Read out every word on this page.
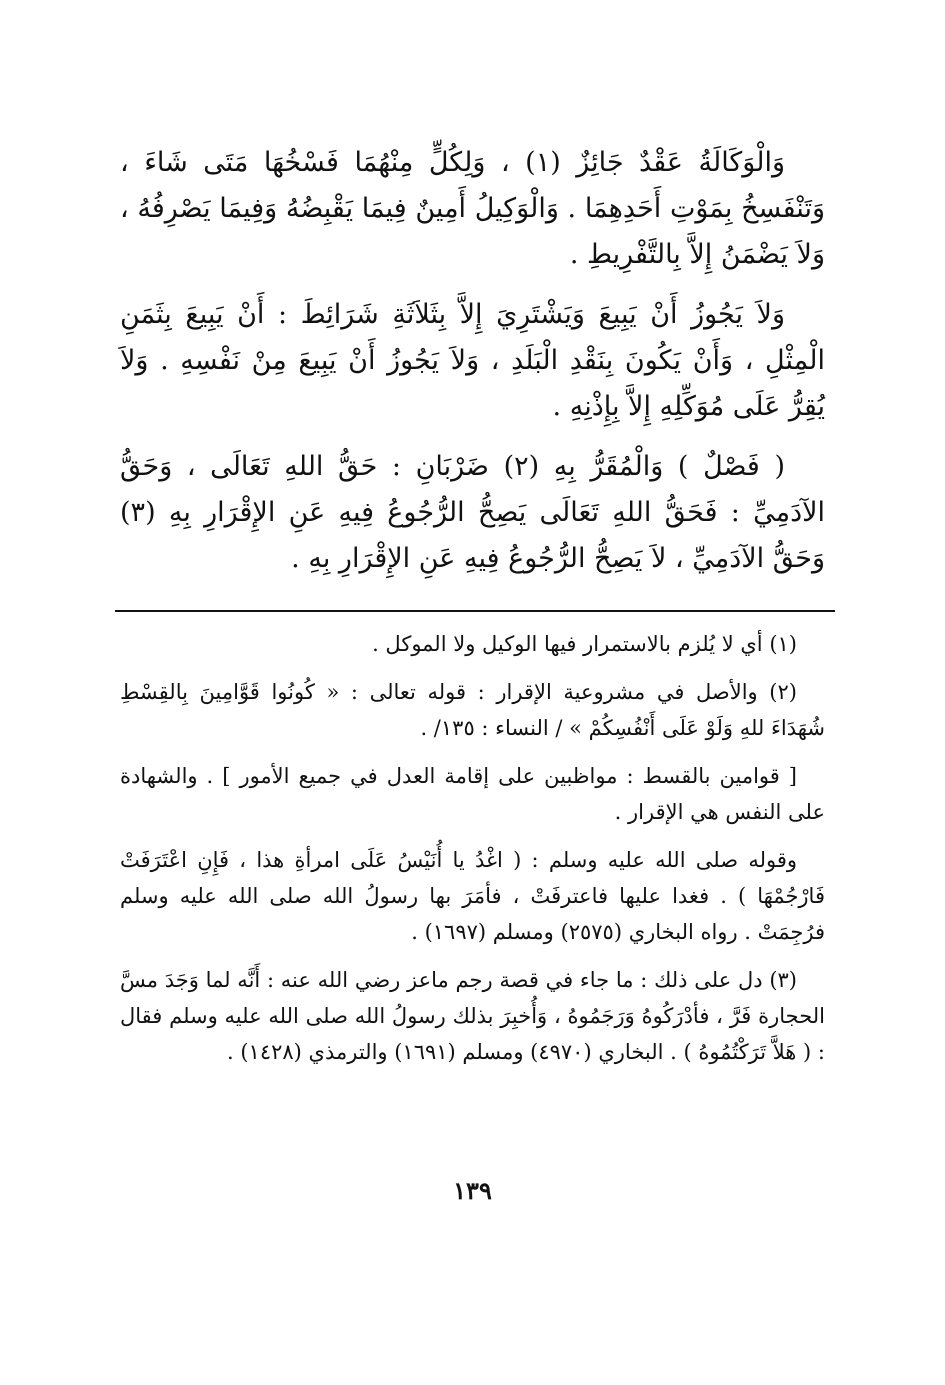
وَالْوَكَالَةُ عَقْدٌ جَائِزٌ (١) ، وَلِكُلٍّ مِنْهُمَا فَسْخُهَا مَتَى شَاءَ ، وَتَنْفَسِخُ بِمَوْتِ أَحَدِهِمَا . وَالْوَكِيلُ أَمِينٌ فِيمَا يَقْبِضُهُ وَفِيمَا يَصْرِفُهُ ، وَلاَ يَضْمَنُ إِلاَّ بِالتَّفْرِيطِ .

وَلاَ يَجُوزُ أَنْ يَبِيعَ وَيَشْتَرِيَ إِلاَّ بِثَلاَثَةِ شَرَائِطَ : أَنْ يَبِيعَ بِثَمَنِ الْمِثْلِ ، وَأَنْ يَكُونَ بِنَقْدِ الْبَلَدِ ، وَلاَ يَجُوزُ أَنْ يَبِيعَ مِنْ نَفْسِهِ . وَلاَ يُقِرُّ عَلَى مُوَكِّلِهِ إِلاَّ بِإِذْنِهِ .

( فَصْلٌ ) وَالْمُقَرُّ بِهِ (٢) ضَرْبَانِ : حَقُّ اللهِ تَعَالَى ، وَحَقُّ الآدَمِيِّ : فَحَقُّ اللهِ تَعَالَى يَصِحُّ الرُّجُوعُ فِيهِ عَنِ الإِقْرَارِ بِهِ (٣) وَحَقُّ الآدَمِيِّ ، لاَ يَصِحُّ الرُّجُوعُ فِيهِ عَنِ الإِقْرَارِ بِهِ .

(١) أي لا يُلزم بالاستمرار فيها الوكيل ولا الموكل .

(٢) والأصل في مشروعية الإقرار : قوله تعالى : « كُونُوا قَوَّامِينَ بِالقِسْطِ شُهَدَاءَ للهِ وَلَوْ عَلَى أَنْفُسِكُمْ » / النساء : ١٣٥/ .

[ قوامين بالقسط : مواظبين على إقامة العدل في جميع الأمور ] . والشهادة على النفس هي الإقرار .

وقوله صلى الله عليه وسلم : ( اغْدُ يا أُنَيْسُ عَلَى امرأةِ هذا ، فَإِنِ اعْتَرَفَتْ فَارْجُمْهَا ) . فغدا عليها فاعترفَتْ ، فأمَرَ بها رسولُ الله صلى الله عليه وسلم فرُجِمَتْ . رواه البخاري (٢٥٧٥) ومسلم (١٦٩٧) .

(٣) دل على ذلك : ما جاء في قصة رجم ماعز رضي الله عنه : أَنَّه لما وَجَدَ مسَّ الحجارة فَرَّ ، فأدْرَكُوهُ وَرَجَمُوهُ ، وَأُخبِرَ بذلك رسولُ الله صلى الله عليه وسلم فقال : ( هَلاَّ تَرَكْتُمُوهُ ) . البخاري (٤٩٧٠) ومسلم (١٦٩١) والترمذي (١٤٢٨) .

١٣٩
